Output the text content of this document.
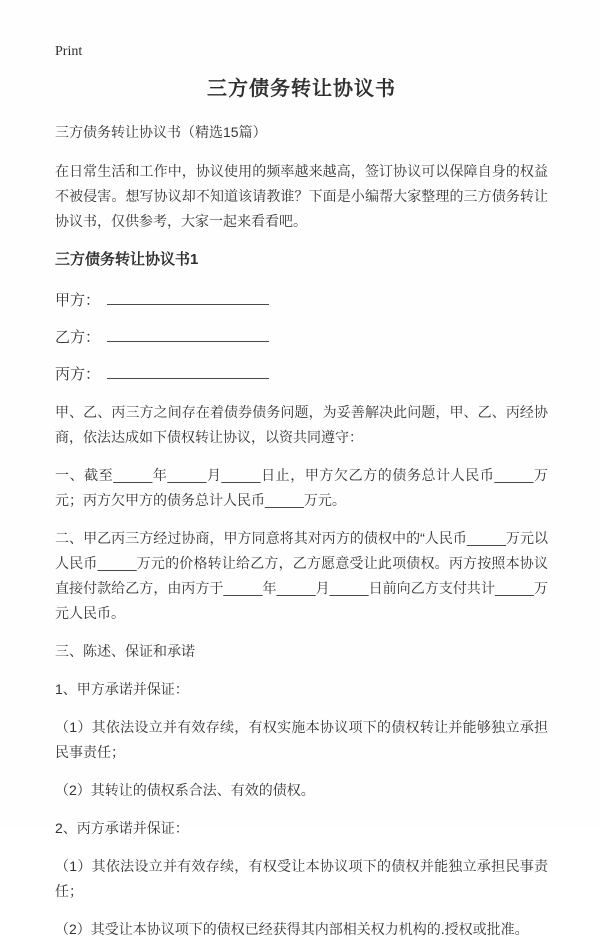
Print
三方债务转让协议书

三方债务转让协议书（精选15篇）

在日常生活和工作中，协议使用的频率越来越高，签订协议可以保障自身的权益不被侵害。想写协议却不知道该请教谁？下面是小编帮大家整理的三方债务转让协议书，仅供参考，大家一起来看看吧。

三方债务转让协议书1

甲方：

乙方：

丙方：

甲、乙、丙三方之间存在着债券债务问题，为妥善解决此问题，甲、乙、丙经协商，依法达成如下债权转让协议，以资共同遵守：

一、截至_____年_____月_____日止，甲方欠乙方的债务总计人民币_____万元；丙方欠甲方的债务总计人民币_____万元。

二、甲乙丙三方经过协商，甲方同意将其对丙方的债权中的“人民币_____万元以人民币_____万元的价格转让给乙方，乙方愿意受让此项债权。丙方按照本协议直接付款给乙方，由丙方于_____年_____月_____日前向乙方支付共计_____万元人民币。

三、陈述、保证和承诺

1、甲方承诺并保证：

（1）其依法设立并有效存续，有权实施本协议项下的债权转让并能够独立承担民事责任；

（2）其转让的债权系合法、有效的债权。

2、丙方承诺并保证：

（1）其依法设立并有效存续，有权受让本协议项下的债权并能独立承担民事责任；

（2）其受让本协议项下的债权已经获得其内部相关权力机构的.授权或批准。
